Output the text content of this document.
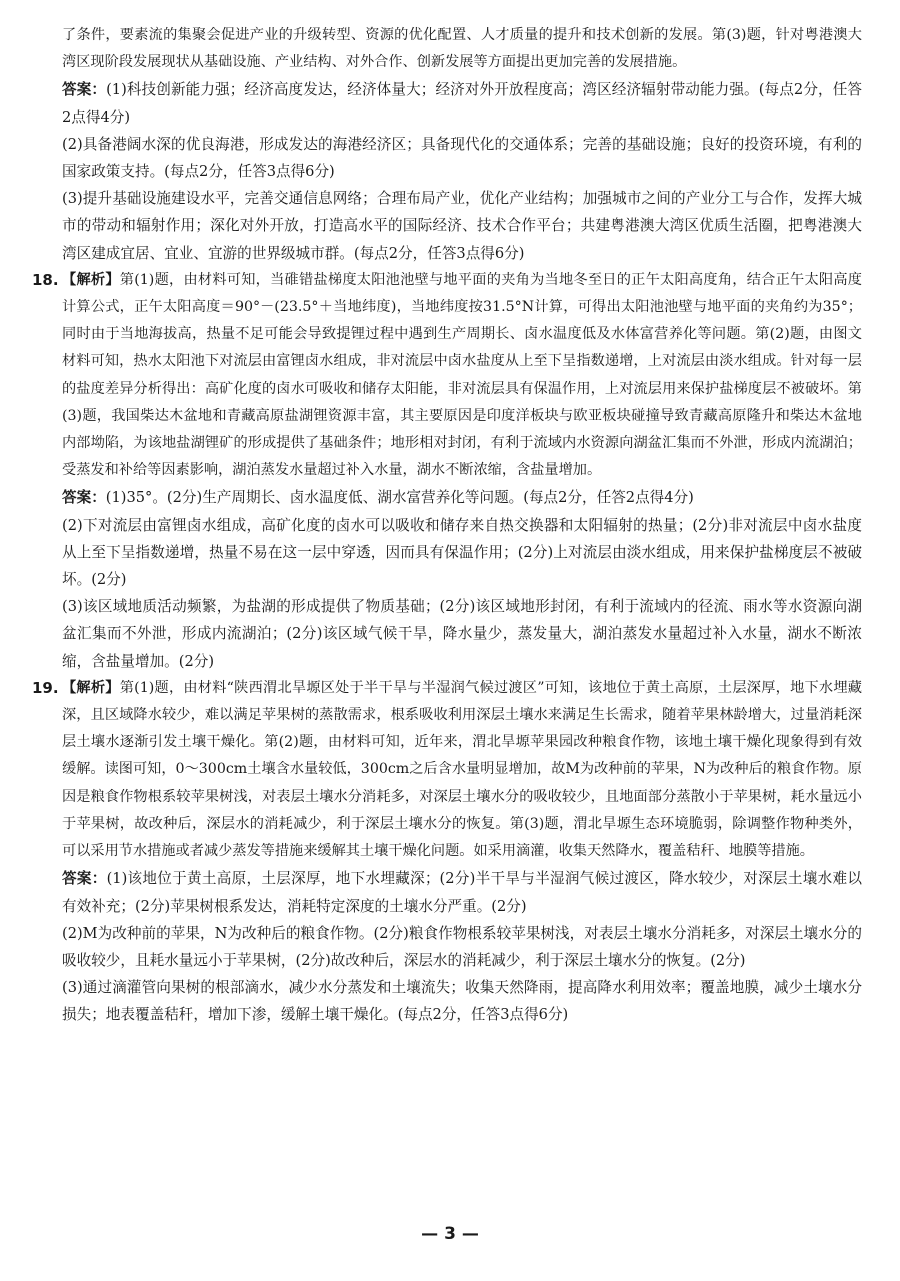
了条件，要素流的集聚会促进产业的升级转型、资源的优化配置、人才质量的提升和技术创新的发展。第(3)题，针对粤港澳大湾区现阶段发展现状从基础设施、产业结构、对外合作、创新发展等方面提出更加完善的发展措施。

答案：(1)科技创新能力强；经济高度发达，经济体量大；经济对外开放程度高；湾区经济辐射带动能力强。(每点2分，任答2点得4分)

(2)具备港阔水深的优良海港，形成发达的海港经济区；具备现代化的交通体系；完善的基础设施；良好的投资环境，有利的国家政策支持。(每点2分，任答3点得6分)

(3)提升基础设施建设水平，完善交通信息网络；合理布局产业，优化产业结构；加强城市之间的产业分工与合作，发挥大城市的带动和辐射作用；深化对外开放，打造高水平的国际经济、技术合作平台；共建粤港澳大湾区优质生活圈，把粤港澳大湾区建成宜居、宜业、宜游的世界级城市群。(每点2分，任答3点得6分)

18. 【解析】第(1)题，由材料可知，当碓错盐梯度太阳池池壁与地平面的夹角为当地冬至日的正午太阳高度角，结合正午太阳高度计算公式，正午太阳高度＝90°－(23.5°＋当地纬度)，当地纬度按31.5°N计算，可得出太阳池池壁与地平面的夹角约为35°；同时由于当地海拔高，热量不足可能会导致提锂过程中遇到生产周期长、卤水温度低及水体富营养化等问题。第(2)题，由图文材料可知，热水太阳池下对流层由富锂卤水组成，非对流层中卤水盐度从上至下呈指数递增，上对流层由淡水组成。针对每一层的盐度差异分析得出：高矿化度的卤水可吸收和储存太阳能，非对流层具有保温作用，上对流层用来保护盐梯度层不被破坏。第(3)题，我国柴达木盆地和青藏高原盐湖锂资源丰富，其主要原因是印度洋板块与欧亚板块碰撞导致青藏高原隆升和柴达木盆地内部坳陷，为该地盐湖锂矿的形成提供了基础条件；地形相对封闭，有利于流域内水资源向湖盆汇集而不外泄，形成内流湖泊；受蒸发和补给等因素影响，湖泊蒸发水量超过补入水量，湖水不断浓缩，含盐量增加。

答案：(1)35°。(2分)生产周期长、卤水温度低、湖水富营养化等问题。(每点2分，任答2点得4分)

(2)下对流层由富锂卤水组成，高矿化度的卤水可以吸收和储存来自热交换器和太阳辐射的热量；(2分)非对流层中卤水盐度从上至下呈指数递增，热量不易在这一层中穿透，因而具有保温作用；(2分)上对流层由淡水组成，用来保护盐梯度层不被破坏。(2分)

(3)该区域地质活动频繁，为盐湖的形成提供了物质基础；(2分)该区域地形封闭，有利于流域内的径流、雨水等水资源向湖盆汇集而不外泄，形成内流湖泊；(2分)该区域气候干旱，降水量少，蒸发量大，湖泊蒸发水量超过补入水量，湖水不断浓缩，含盐量增加。(2分)

19. 【解析】第(1)题，由材料“陕西渭北旱塬区处于半干旱与半湿润气候过渡区”可知，该地位于黄土高原，土层深厚，地下水埋藏深，且区域降水较少，难以满足苹果树的蒸散需求，根系吸收利用深层土壤水来满足生长需求，随着苹果林龄增大，过量消耗深层土壤水逐渐引发土壤干燥化。第(2)题，由材料可知，近年来，渭北旱塬苹果园改种粮食作物，该地土壤干燥化现象得到有效缓解。读图可知，0～300cm土壤含水量较低，300cm之后含水量明显增加，故M为改种前的苹果，N为改种后的粮食作物。原因是粮食作物根系较苹果树浅，对表层土壤水分消耗多，对深层土壤水分的吸收较少，且地面部分蒸散小于苹果树，耗水量远小于苹果树，故改种后，深层水的消耗减少，利于深层土壤水分的恢复。第(3)题，渭北旱塬生态环境脆弱，除调整作物种类外，可以采用节水措施或者减少蒸发等措施来缓解其土壤干燥化问题。如采用滴灌，收集天然降水，覆盖秸秆、地膜等措施。

答案：(1)该地位于黄土高原，土层深厚，地下水埋藏深；(2分)半干旱与半湿润气候过渡区，降水较少，对深层土壤水难以有效补充；(2分)苹果树根系发达，消耗特定深度的土壤水分严重。(2分)

(2)M为改种前的苹果，N为改种后的粮食作物。(2分)粮食作物根系较苹果树浅，对表层土壤水分消耗多，对深层土壤水分的吸收较少，且耗水量远小于苹果树，(2分)故改种后，深层水的消耗减少，利于深层土壤水分的恢复。(2分)

(3)通过滴灌管向果树的根部滴水，减少水分蒸发和土壤流失；收集天然降雨，提高降水利用效率；覆盖地膜，减少土壤水分损失；地表覆盖秸秆，增加下渗，缓解土壤干燥化。(每点2分，任答3点得6分)

— 3 —
